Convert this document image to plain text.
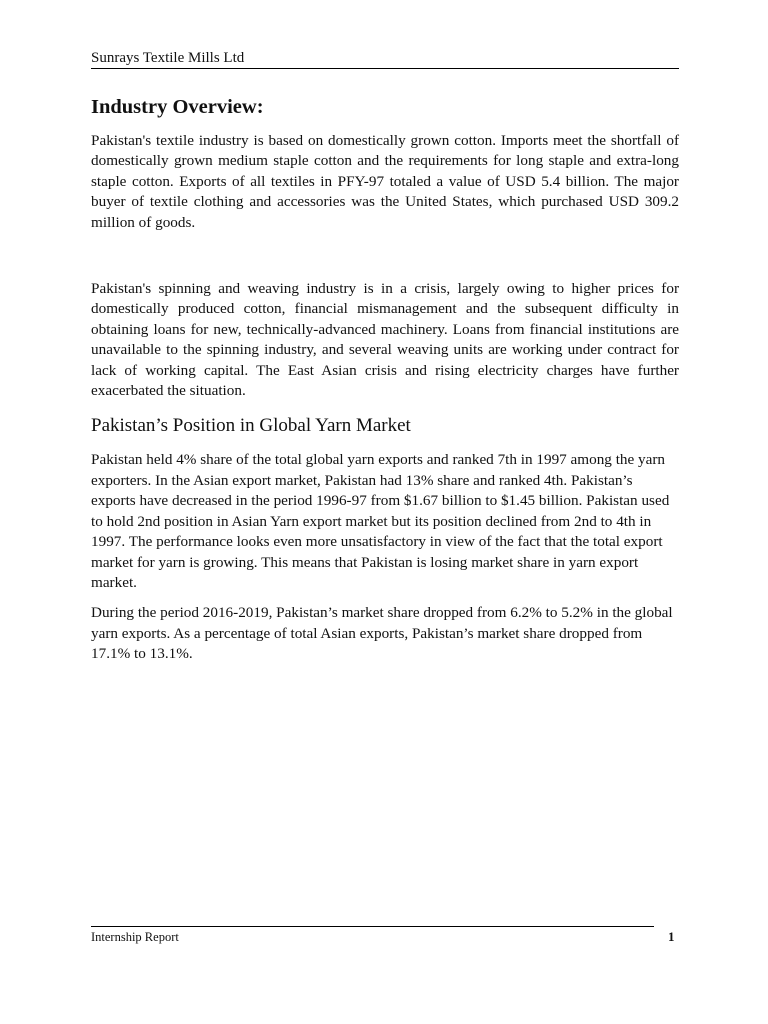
Sunrays Textile Mills Ltd
Industry Overview:

Pakistan's textile industry is based on domestically grown cotton. Imports meet the shortfall of domestically grown medium staple cotton and the requirements for long staple and extra-long staple cotton. Exports of all textiles in PFY-97 totaled a value of USD 5.4 billion. The major buyer of textile clothing and accessories was the United States, which purchased USD 309.2 million of goods.

Pakistan's spinning and weaving industry is in a crisis, largely owing to higher prices for domestically produced cotton, financial mismanagement and the subsequent difficulty in obtaining loans for new, technically-advanced machinery. Loans from financial institutions are unavailable to the spinning industry, and several weaving units are working under contract for lack of working capital. The East Asian crisis and rising electricity charges have further exacerbated the situation.

Pakistan’s Position in Global Yarn Market

Pakistan held 4% share of the total global yarn exports and ranked 7th in 1997 among the yarn exporters. In the Asian export market, Pakistan had 13% share and ranked 4th. Pakistan’s exports have decreased in the period 1996-97 from $1.67 billion to $1.45 billion. Pakistan used to hold 2nd position in Asian Yarn export market but its position declined from 2nd to 4th in 1997. The performance looks even more unsatisfactory in view of the fact that the total export market for yarn is growing. This means that Pakistan is losing market share in yarn export market.

During the period 2016-2019, Pakistan’s market share dropped from 6.2% to 5.2% in the global yarn exports. As a percentage of total Asian exports, Pakistan’s market share dropped from 17.1% to 13.1%.

Internship Report	1
